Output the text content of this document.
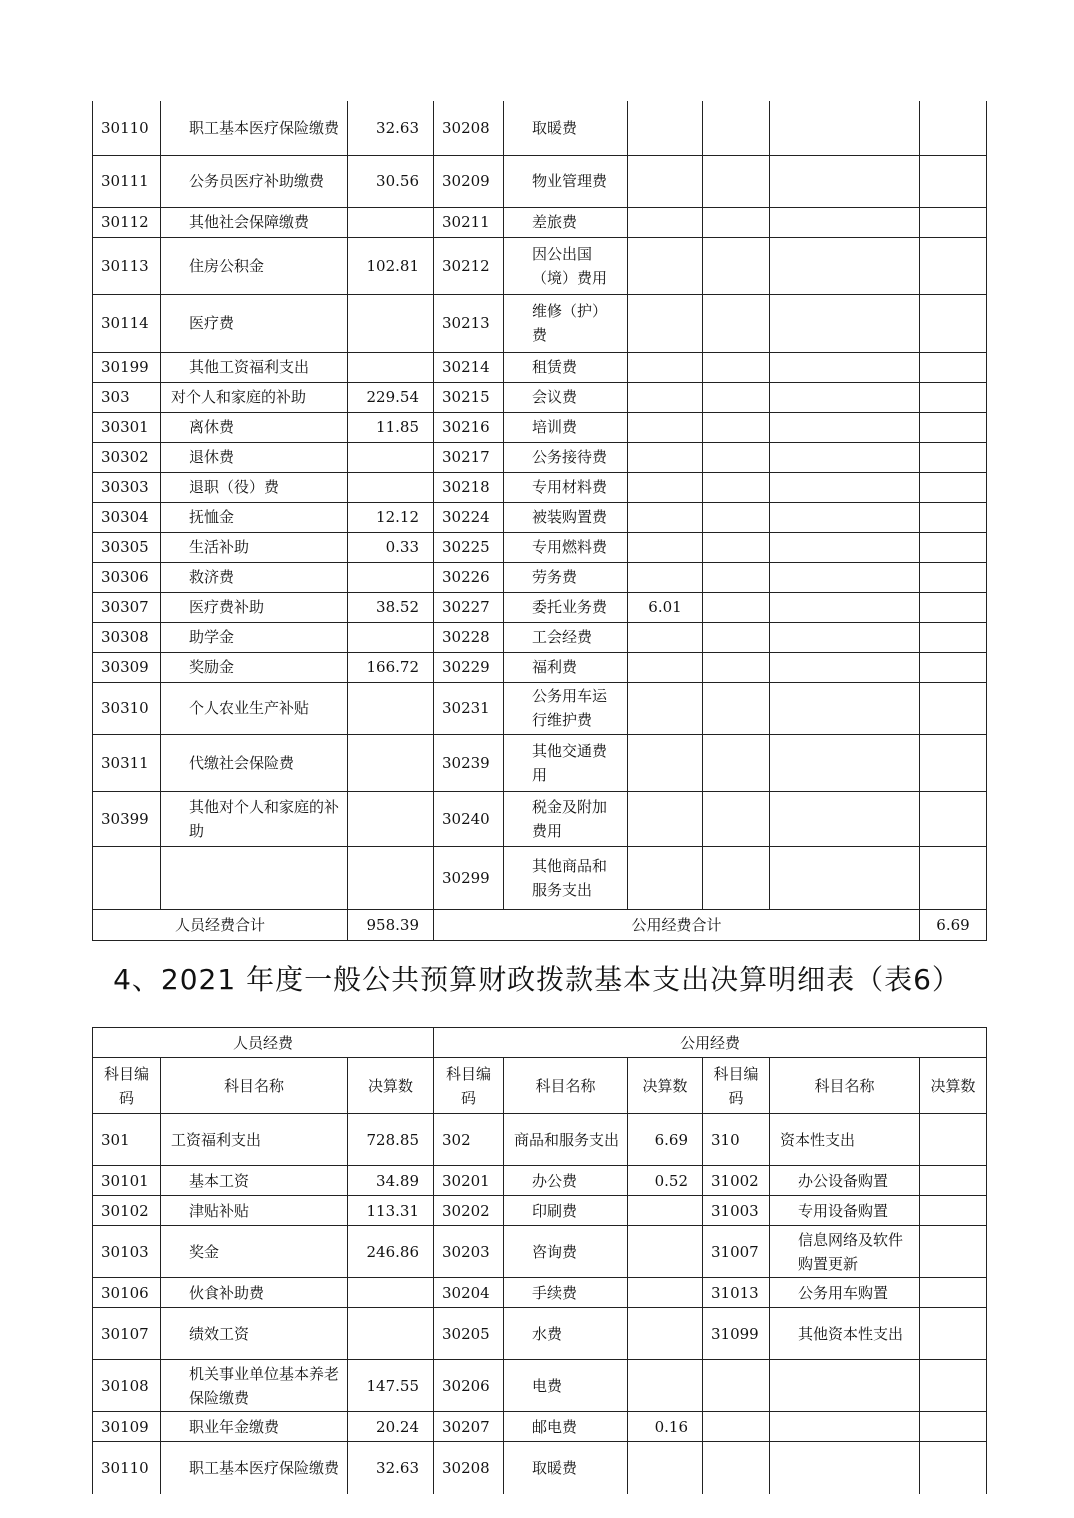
30110	职工基本医疗保险缴费	32.63	30208	取暖费				
30111	公务员医疗补助缴费	30.56	30209	物业管理费				
30112	其他社会保障缴费		30211	差旅费				
30113	住房公积金	102.81	30212	因公出国（境）费用				
30114	医疗费		30213	维修（护）费				
30199	其他工资福利支出		30214	租赁费				
303	对个人和家庭的补助	229.54	30215	会议费				
30301	离休费	11.85	30216	培训费				
30302	退休费		30217	公务接待费				
30303	退职（役）费		30218	专用材料费				
30304	抚恤金	12.12	30224	被装购置费				
30305	生活补助	0.33	30225	专用燃料费				
30306	救济费		30226	劳务费				
30307	医疗费补助	38.52	30227	委托业务费	6.01			
30308	助学金		30228	工会经费				
30309	奖励金	166.72	30229	福利费				
30310	个人农业生产补贴		30231	公务用车运行维护费				
30311	代缴社会保险费		30239	其他交通费用				
30399	其他对个人和家庭的补助		30240	税金及附加费用				
			30299	其他商品和服务支出				
人员经费合计		958.39	公用经费合计					6.69
4、2021 年度一般公共预算财政拨款基本支出决算明细表（表6）
人员经费			公用经费					
科目编码	科目名称	决算数	科目编码	科目名称	决算数	科目编码	科目名称	决算数
301	工资福利支出	728.85	302	商品和服务支出	6.69	310	资本性支出	
30101	基本工资	34.89	30201	办公费	0.52	31002	办公设备购置	
30102	津贴补贴	113.31	30202	印刷费		31003	专用设备购置	
30103	奖金	246.86	30203	咨询费		31007	信息网络及软件购置更新	
30106	伙食补助费		30204	手续费		31013	公务用车购置	
30107	绩效工资		30205	水费		31099	其他资本性支出	
30108	机关事业单位基本养老保险缴费	147.55	30206	电费				
30109	职业年金缴费	20.24	30207	邮电费	0.16			
30110	职工基本医疗保险缴费	32.63	30208	取暖费				
